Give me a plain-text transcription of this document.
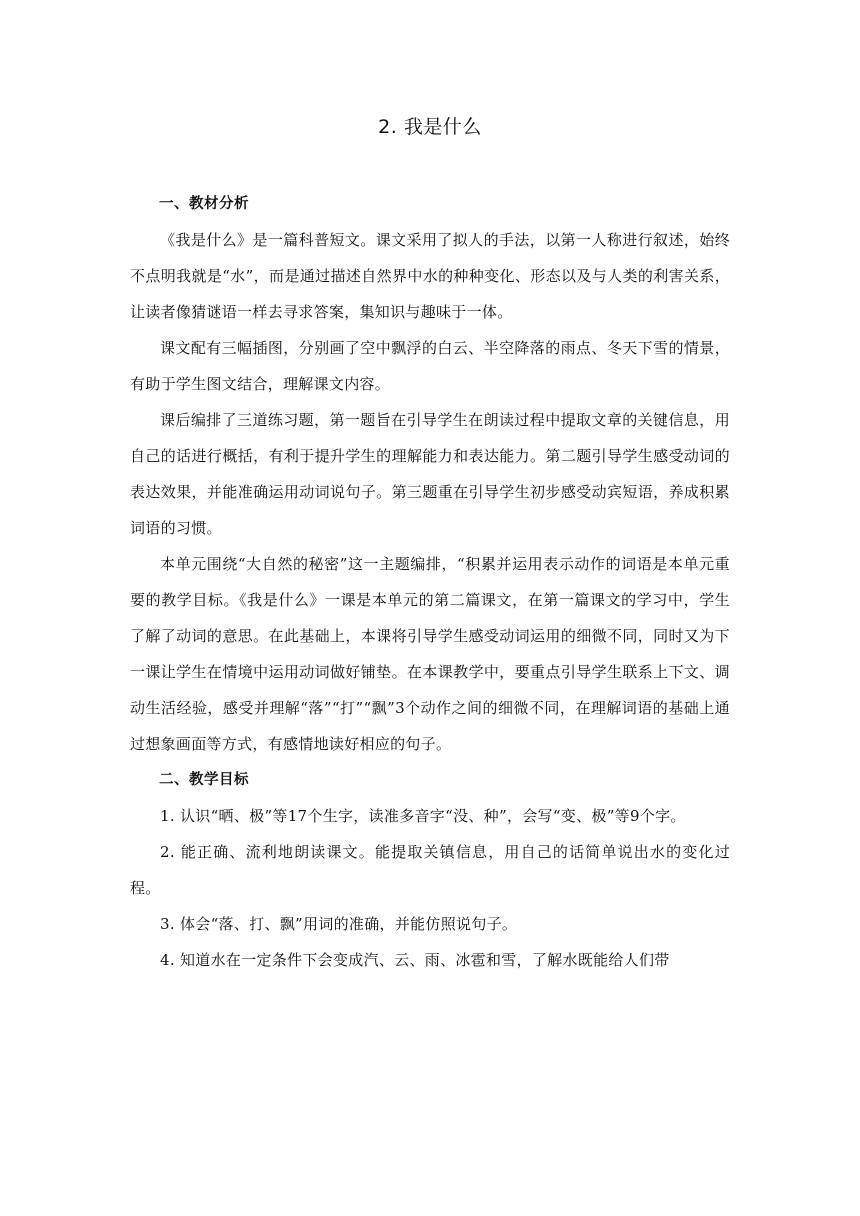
2. 我是什么

一、教材分析

《我是什么》是一篇科普短文。课文采用了拟人的手法，以第一人称进行叙述，始终不点明我就是“水”，而是通过描述自然界中水的种种变化、形态以及与人类的利害关系，让读者像猜谜语一样去寻求答案，集知识与趣味于一体。

课文配有三幅插图，分别画了空中飘浮的白云、半空降落的雨点、冬天下雪的情景，有助于学生图文结合，理解课文内容。

课后编排了三道练习题，第一题旨在引导学生在朗读过程中提取文章的关键信息，用自己的话进行概括，有利于提升学生的理解能力和表达能力。第二题引导学生感受动词的表达效果，并能准确运用动词说句子。第三题重在引导学生初步感受动宾短语，养成积累词语的习惯。

本单元围绕“大自然的秘密”这一主题编排，“积累并运用表示动作的词语是本单元重要的教学目标。《我是什么》一课是本单元的第二篇课文，在第一篇课文的学习中，学生了解了动词的意思。在此基础上，本课将引导学生感受动词运用的细微不同，同时又为下一课让学生在情境中运用动词做好铺垫。在本课教学中，要重点引导学生联系上下文、调动生活经验，感受并理解“落”“打”“飘”3个动作之间的细微不同，在理解词语的基础上通过想象画面等方式，有感情地读好相应的句子。

二、教学目标

1. 认识“晒、极”等17个生字，读准多音字“没、种”，会写“变、极”等9个字。

2. 能正确、流利地朗读课文。能提取关镇信息，用自己的话简单说出水的变化过程。

3. 体会“落、打、飘”用词的准确，并能仿照说句子。

4. 知道水在一定条件下会变成汽、云、雨、冰雹和雪，了解水既能给人们带
